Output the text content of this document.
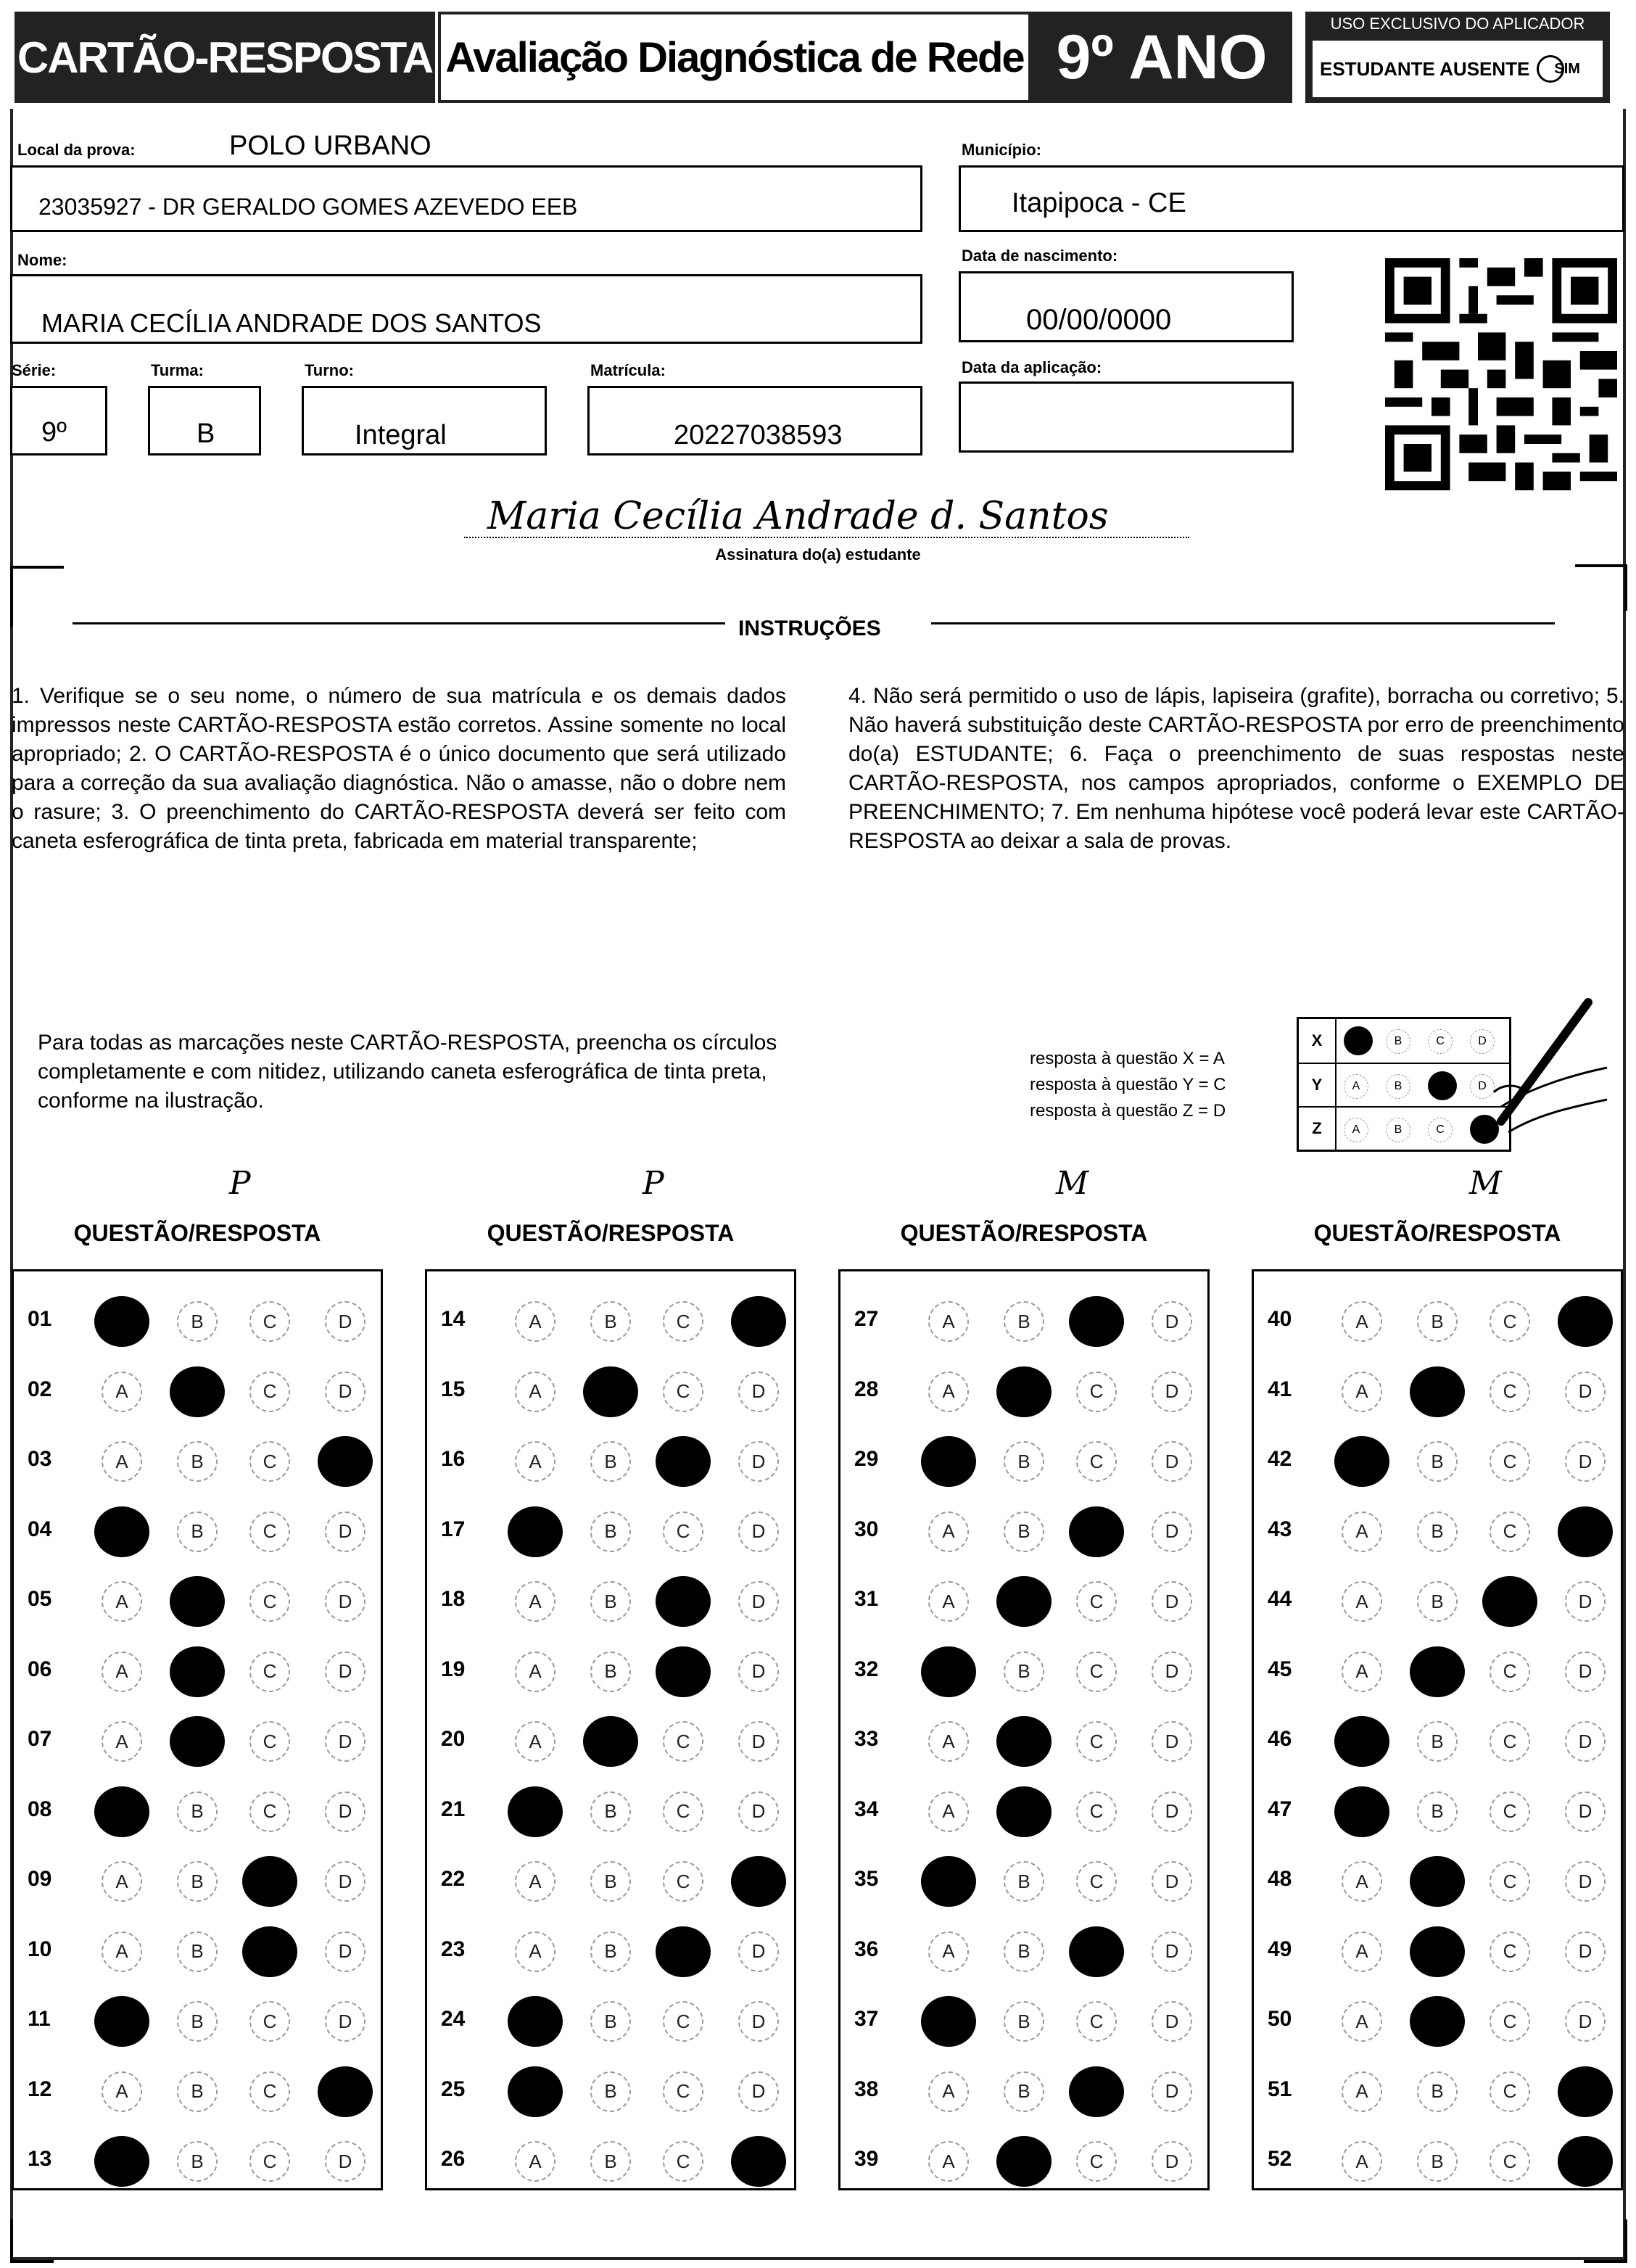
CARTÃO-RESPOSTA Avaliação Diagnóstica de Rede 9º ANO	USO EXCLUSIVO DO APLICADOR
ESTUDANTE AUSENTE SIM
Local da prova:	POLO URBANO
23035927 - DR GERALDO GOMES AZEVEDO EEB
Município:
Itapipoca - CE
Nome:
MARIA CECÍLIA ANDRADE DOS SANTOS
Data de nascimento:
00/00/0000
Série:
9º
Turma:
B
Turno:
Integral
Matrícula:
20227038593
Data da aplicação:
Maria Cecília Andrade d. Santos
Assinatura do(a) estudante
INSTRUÇÕES
1. Verifique se o seu nome, o número de sua matrícula e os demais dados impressos neste CARTÃO-RESPOSTA estão corretos. Assine somente no local apropriado; 2. O CARTÃO-RESPOSTA é o único documento que será utilizado para a correção da sua avaliação diagnóstica. Não o amasse, não o dobre nem o rasure; 3. O preenchimento do CARTÃO-RESPOSTA deverá ser feito com caneta esferográfica de tinta preta, fabricada em material transparente;
4. Não será permitido o uso de lápis, lapiseira (grafite), borracha ou corretivo; 5. Não haverá substituição deste CARTÃO-RESPOSTA por erro de preenchimento do(a) ESTUDANTE; 6. Faça o preenchimento de suas respostas neste CARTÃO-RESPOSTA, nos campos apropriados, conforme o EXEMPLO DE PREENCHIMENTO; 7. Em nenhuma hipótese você poderá levar este CARTÃO-RESPOSTA ao deixar a sala de provas.
Para todas as marcações neste CARTÃO-RESPOSTA, preencha os círculos completamente e com nitidez, utilizando caneta esferográfica de tinta preta, conforme na ilustração.
resposta à questão X = A
resposta à questão Y = C
resposta à questão Z = D
X	B	C	D
Y	A	B	D
Z	A	B	C
P
QUESTÃO/RESPOSTA
01	B	C	D
02	A	C	D
03	A	B	C
04	B	C	D
05	A	C	D
06	A	C	D
07	A	C	D
08	B	C	D
09	A	B	D
10	A	B	D
11	B	C	D
12	A	B	C
13	B	C	D
P
QUESTÃO/RESPOSTA
14	A	B	C
15	A	C	D
16	A	B	D
17	B	C	D
18	A	B	D
19	A	B	D
20	A	C	D
21	B	C	D
22	A	B	C
23	A	B	D
24	B	C	D
25	B	C	D
26	A	B	C
M
QUESTÃO/RESPOSTA
27	A	B	D
28	A	C	D
29	B	C	D
30	A	B	D
31	A	C	D
32	B	C	D
33	A	C	D
34	A	C	D
35	B	C	D
36	A	B	D
37	B	C	D
38	A	B	D
39	A	C	D
M
QUESTÃO/RESPOSTA
40	A	B	C
41	A	C	D
42	B	C	D
43	A	B	C
44	A	B	D
45	A	C	D
46	B	C	D
47	B	C	D
48	A	C	D
49	A	C	D
50	A	C	D
51	A	B	C
52	A	B	C
